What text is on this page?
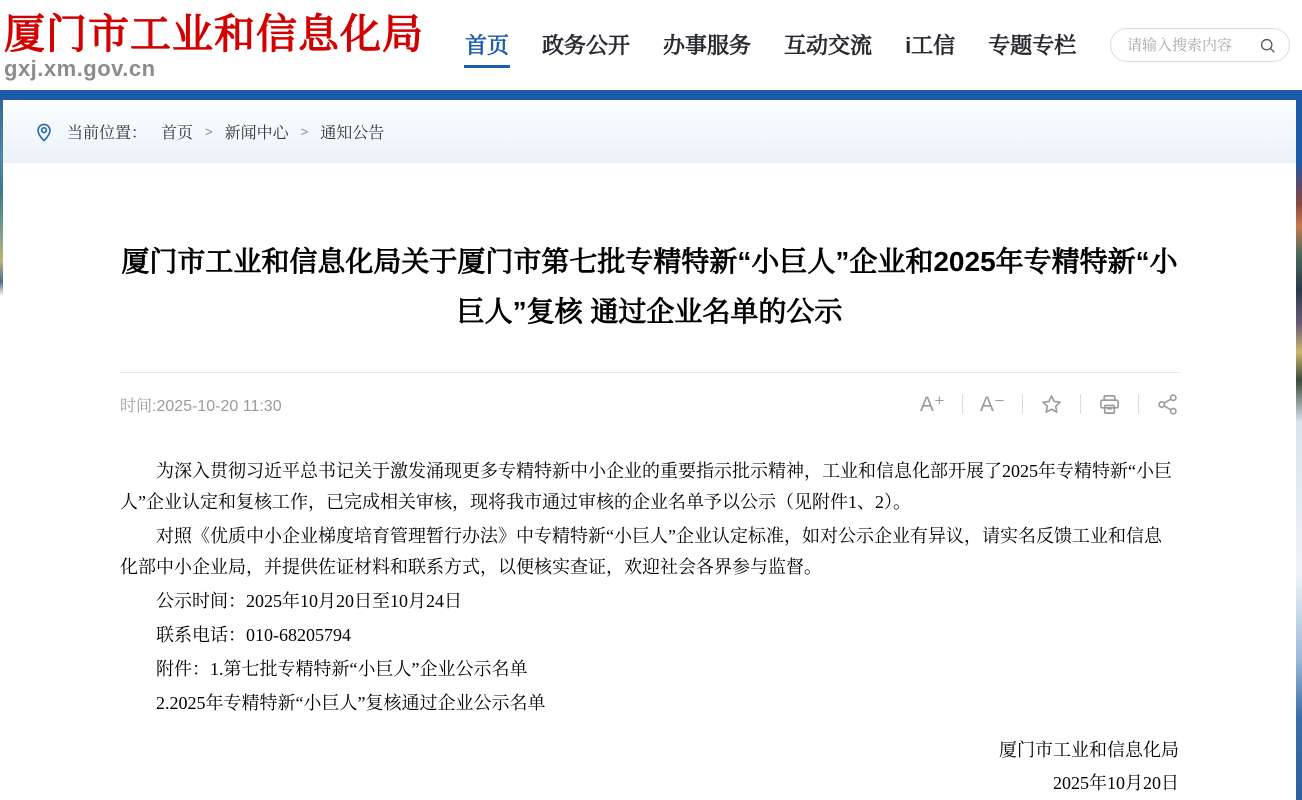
厦门市工业和信息化局
gxj.xm.gov.cn
首页 政务公开 办事服务 互动交流 i工信 专题专栏
请输入搜索内容
当前位置： 首页 > 新闻中心 > 通知公告
厦门市工业和信息化局关于厦门市第七批专精特新“小巨人”企业和2025年专精特新“小巨人”复核 通过企业名单的公示
时间:2025-10-20 11:30	A⁺ A⁻

为深入贯彻习近平总书记关于激发涌现更多专精特新中小企业的重要指示批示精神，工业和信息化部开展了2025年专精特新“小巨人”企业认定和复核工作，已完成相关审核，现将我市通过审核的企业名单予以公示（见附件1、2）。

对照《优质中小企业梯度培育管理暂行办法》中专精特新“小巨人”企业认定标准，如对公示企业有异议，请实名反馈工业和信息化部中小企业局，并提供佐证材料和联系方式，以便核实查证，欢迎社会各界参与监督。

公示时间：2025年10月20日至10月24日

联系电话：010-68205794

附件：1.第七批专精特新“小巨人”企业公示名单

2.2025年专精特新“小巨人”复核通过企业公示名单

厦门市工业和信息化局
2025年10月20日
